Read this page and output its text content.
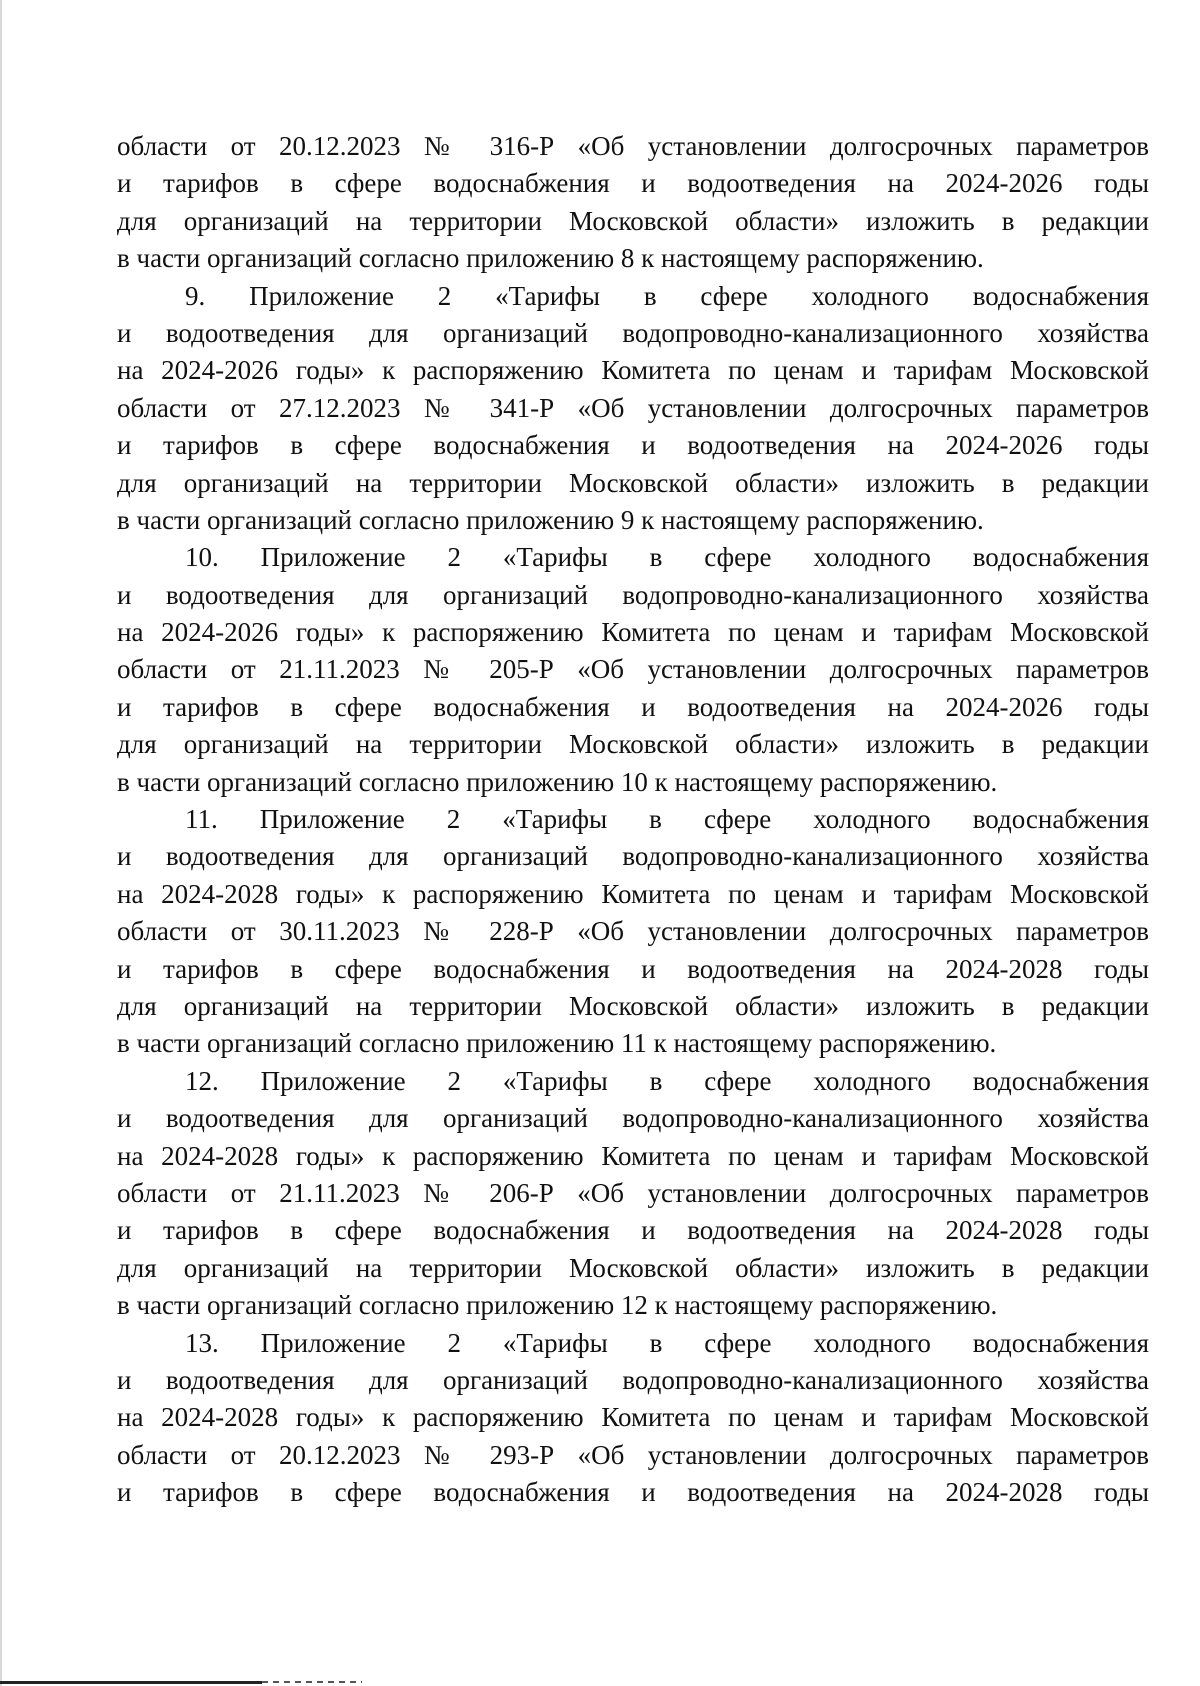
области от 20.12.2023 № 316-Р «Об установлении долгосрочных параметров
и тарифов в сфере водоснабжения и водоотведения на 2024-2026 годы
для организаций на территории Московской области» изложить в редакции
в части организаций согласно приложению 8 к настоящему распоряжению.
9. Приложение 2 «Тарифы в сфере холодного водоснабжения
и водоотведения для организаций водопроводно-канализационного хозяйства
на 2024-2026 годы» к распоряжению Комитета по ценам и тарифам Московской
области от 27.12.2023 № 341-Р «Об установлении долгосрочных параметров
и тарифов в сфере водоснабжения и водоотведения на 2024-2026 годы
для организаций на территории Московской области» изложить в редакции
в части организаций согласно приложению 9 к настоящему распоряжению.
10. Приложение 2 «Тарифы в сфере холодного водоснабжения
и водоотведения для организаций водопроводно-канализационного хозяйства
на 2024-2026 годы» к распоряжению Комитета по ценам и тарифам Московской
области от 21.11.2023 № 205-Р «Об установлении долгосрочных параметров
и тарифов в сфере водоснабжения и водоотведения на 2024-2026 годы
для организаций на территории Московской области» изложить в редакции
в части организаций согласно приложению 10 к настоящему распоряжению.
11. Приложение 2 «Тарифы в сфере холодного водоснабжения
и водоотведения для организаций водопроводно-канализационного хозяйства
на 2024-2028 годы» к распоряжению Комитета по ценам и тарифам Московской
области от 30.11.2023 № 228-Р «Об установлении долгосрочных параметров
и тарифов в сфере водоснабжения и водоотведения на 2024-2028 годы
для организаций на территории Московской области» изложить в редакции
в части организаций согласно приложению 11 к настоящему распоряжению.
12. Приложение 2 «Тарифы в сфере холодного водоснабжения
и водоотведения для организаций водопроводно-канализационного хозяйства
на 2024-2028 годы» к распоряжению Комитета по ценам и тарифам Московской
области от 21.11.2023 № 206-Р «Об установлении долгосрочных параметров
и тарифов в сфере водоснабжения и водоотведения на 2024-2028 годы
для организаций на территории Московской области» изложить в редакции
в части организаций согласно приложению 12 к настоящему распоряжению.
13. Приложение 2 «Тарифы в сфере холодного водоснабжения
и водоотведения для организаций водопроводно-канализационного хозяйства
на 2024-2028 годы» к распоряжению Комитета по ценам и тарифам Московской
области от 20.12.2023 № 293-Р «Об установлении долгосрочных параметров
и тарифов в сфере водоснабжения и водоотведения на 2024-2028 годы
